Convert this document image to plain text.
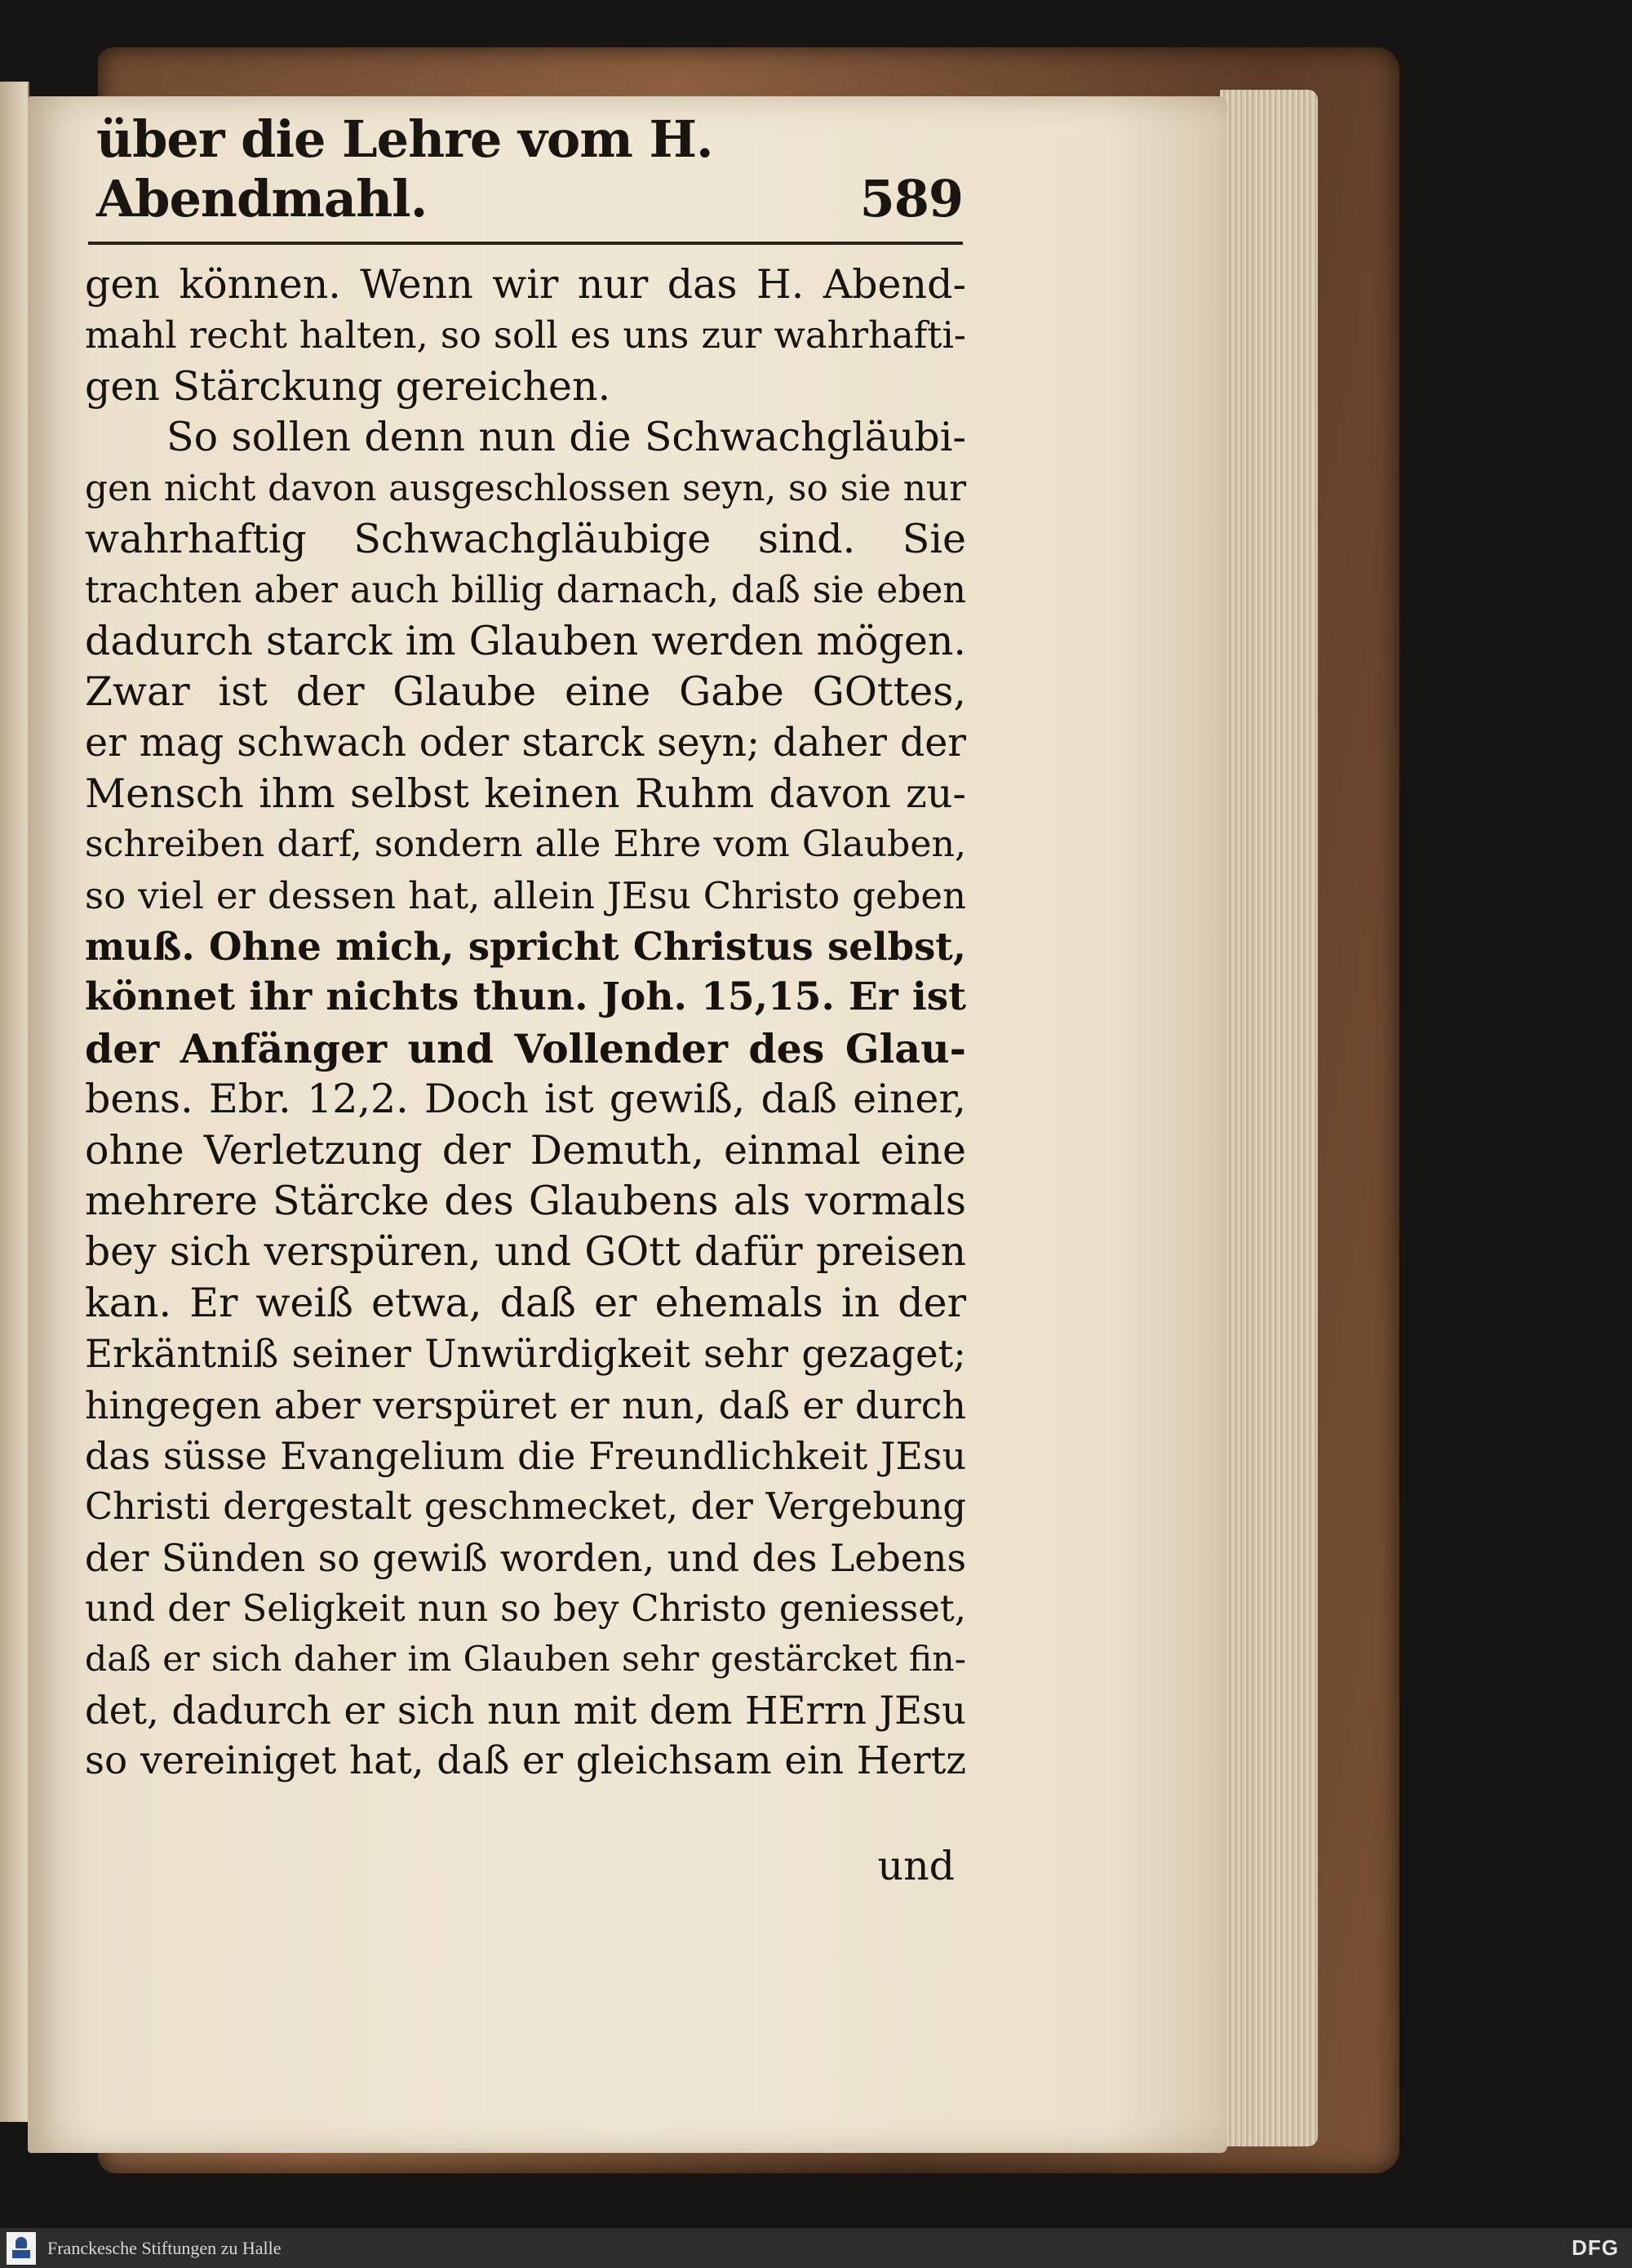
über die Lehre vom H. Abendmahl.	589
gen können. Wenn wir nur das H. Abend-
mahl recht halten, so soll es uns zur wahrhafti-
gen Stärckung gereichen.
So sollen denn nun die Schwachgläubi-
gen nicht davon ausgeschlossen seyn, so sie nur
wahrhaftig Schwachgläubige sind. Sie
trachten aber auch billig darnach, daß sie eben
dadurch starck im Glauben werden mögen.
Zwar ist der Glaube eine Gabe GOttes,
er mag schwach oder starck seyn; daher der
Mensch ihm selbst keinen Ruhm davon zu-
schreiben darf, sondern alle Ehre vom Glauben,
so viel er dessen hat, allein JEsu Christo geben
muß. Ohne mich, spricht Christus selbst,
könnet ihr nichts thun. Joh. 15,15. Er ist
der Anfänger und Vollender des Glau-
bens. Ebr. 12,2. Doch ist gewiß, daß einer,
ohne Verletzung der Demuth, einmal eine
mehrere Stärcke des Glaubens als vormals
bey sich verspüren, und GOtt dafür preisen
kan. Er weiß etwa, daß er ehemals in der
Erkäntniß seiner Unwürdigkeit sehr gezaget;
hingegen aber verspüret er nun, daß er durch
das süsse Evangelium die Freundlichkeit JEsu
Christi dergestalt geschmecket, der Vergebung
der Sünden so gewiß worden, und des Lebens
und der Seligkeit nun so bey Christo geniesset,
daß er sich daher im Glauben sehr gestärcket fin-
det, dadurch er sich nun mit dem HErrn JEsu
so vereiniget hat, daß er gleichsam ein Hertz
und
Franckesche Stiftungen zu Halle	DFG
